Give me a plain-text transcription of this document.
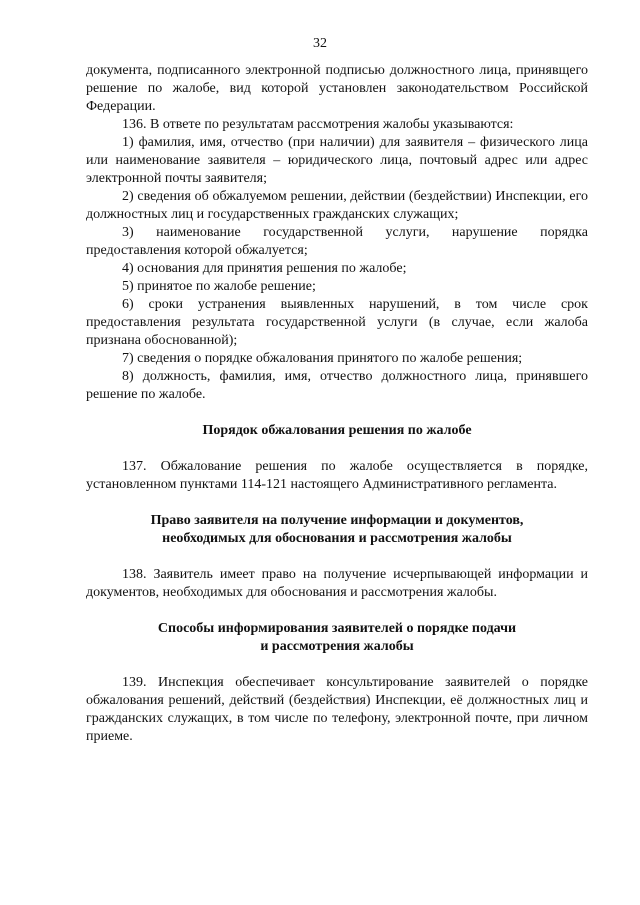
32

документа, подписанного электронной подписью должностного лица, принявщего решение по жалобе, вид которой установлен законодательством Российской Федерации.

136. В ответе по результатам рассмотрения жалобы указываются:

1) фамилия, имя, отчество (при наличии) для заявителя – физического лица или наименование заявителя – юридического лица, почтовый адрес или адрес электронной почты заявителя;

2) сведения об обжалуемом решении, действии (бездействии) Инспекции, его должностных лиц и государственных гражданских служащих;

3) наименование государственной услуги, нарушение порядка предоставления которой обжалуется;

4) основания для принятия решения по жалобе;

5) принятое по жалобе решение;

6) сроки устранения выявленных нарушений, в том числе срок предоставления результата государственной услуги (в случае, если жалоба признана обоснованной);

7) сведения о порядке обжалования принятого по жалобе решения;

8) должность, фамилия, имя, отчество должностного лица, принявшего решение по жалобе.

Порядок обжалования решения по жалобе

137. Обжалование решения по жалобе осуществляется в порядке, установленном пунктами 114-121 настоящего Административного регламента.

Право заявителя на получение информации и документов,

необходимых для обоснования и рассмотрения жалобы

138. Заявитель имеет право на получение исчерпывающей информации и документов, необходимых для обоснования и рассмотрения жалобы.

Способы информирования заявителей о порядке подачи

и рассмотрения жалобы

139. Инспекция обеспечивает консультирование заявителей о порядке обжалования решений, действий (бездействия) Инспекции, её должностных лиц и гражданских служащих, в том числе по телефону, электронной почте, при личном приеме.
